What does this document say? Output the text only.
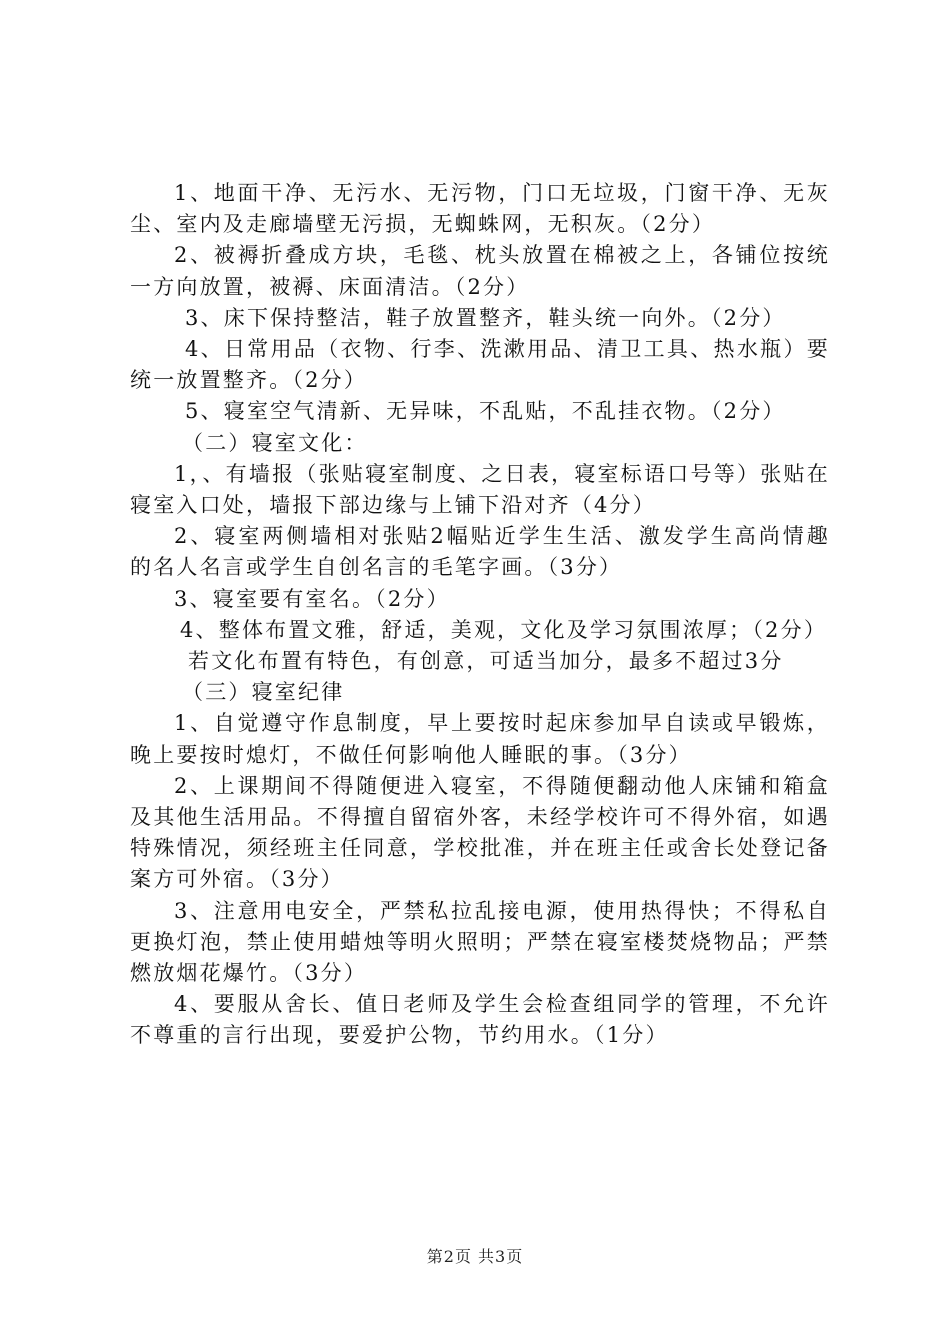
1、地面干净、无污水、无污物，门口无垃圾，门窗干净、无灰尘、室内及走廊墙壁无污损，无蜘蛛网，无积灰。（2分）

2、被褥折叠成方块，毛毯、枕头放置在棉被之上，各铺位按统一方向放置，被褥、床面清洁。（2分）

3、床下保持整洁，鞋子放置整齐，鞋头统一向外。（2分）

4、日常用品（衣物、行李、洗漱用品、清卫工具、热水瓶）要统一放置整齐。（2分）

5、寝室空气清新、无异味，不乱贴，不乱挂衣物。（2分）

（二）寝室文化：

1，、有墙报（张贴寝室制度、之日表，寝室标语口号等）张贴在寝室入口处，墙报下部边缘与上铺下沿对齐（4分）

2、寝室两侧墙相对张贴2幅贴近学生生活、激发学生高尚情趣的名人名言或学生自创名言的毛笔字画。（3分）

3、寝室要有室名。（2分）

4、整体布置文雅，舒适，美观，文化及学习氛围浓厚；（2分）

若文化布置有特色，有创意，可适当加分，最多不超过3分

（三）寝室纪律

1、自觉遵守作息制度，早上要按时起床参加早自读或早锻炼，晚上要按时熄灯，不做任何影响他人睡眠的事。（3分）

2、上课期间不得随便进入寝室，不得随便翻动他人床铺和箱盒及其他生活用品。不得擅自留宿外客，未经学校许可不得外宿，如遇特殊情况，须经班主任同意，学校批准，并在班主任或舍长处登记备案方可外宿。（3分）

3、注意用电安全，严禁私拉乱接电源，使用热得快；不得私自更换灯泡，禁止使用蜡烛等明火照明；严禁在寝室楼焚烧物品；严禁燃放烟花爆竹。（3分）

4、要服从舍长、值日老师及学生会检查组同学的管理，不允许不尊重的言行出现，要爱护公物，节约用水。（1分）

第2页 共3页
